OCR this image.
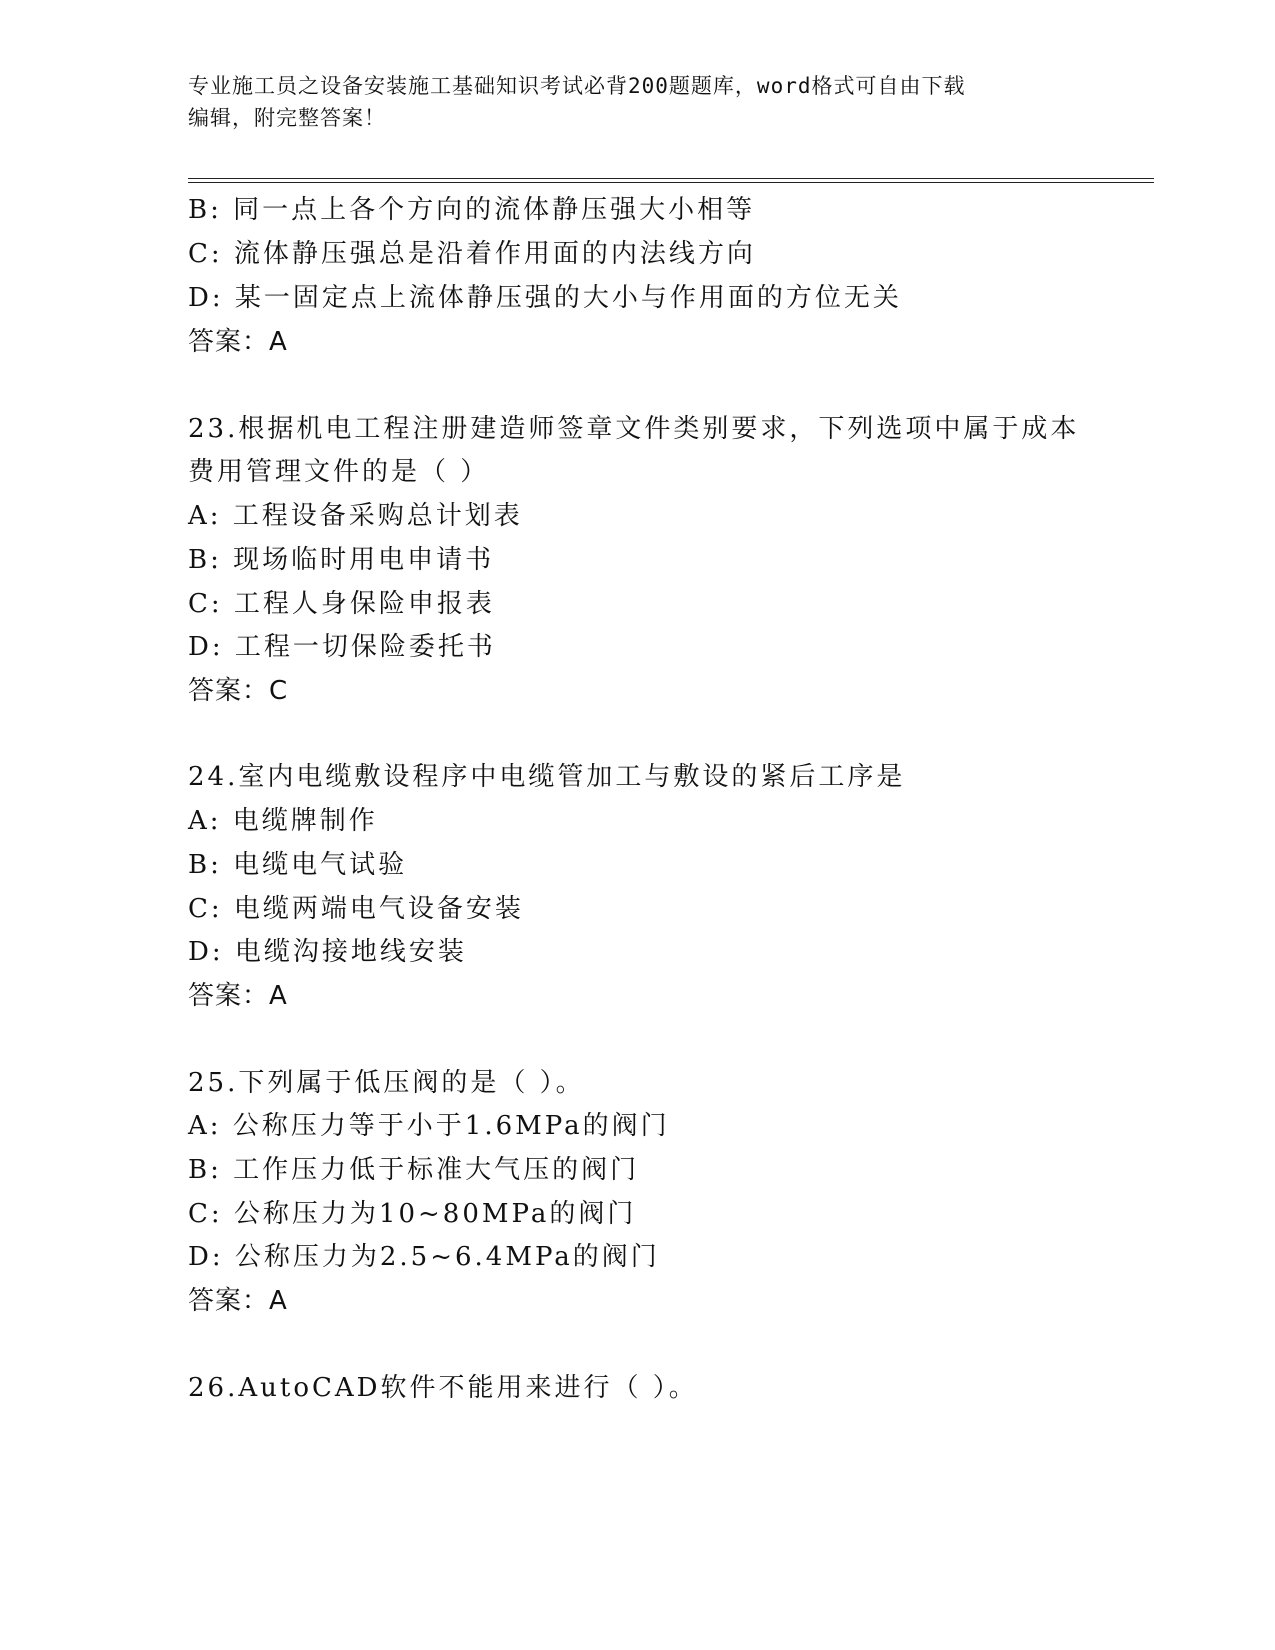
专业施工员之设备安装施工基础知识考试必背200题题库，word格式可自由下载
编辑，附完整答案！
B: 同一点上各个方向的流体静压强大小相等
C: 流体静压强总是沿着作用面的内法线方向
D: 某一固定点上流体静压强的大小与作用面的方位无关
答案：A
23.根据机电工程注册建造师签章文件类别要求，下列选项中属于成本
费用管理文件的是（ ）
A: 工程设备采购总计划表
B: 现场临时用电申请书
C: 工程人身保险申报表
D: 工程一切保险委托书
答案：C
24.室内电缆敷设程序中电缆管加工与敷设的紧后工序是
A: 电缆牌制作
B: 电缆电气试验
C: 电缆两端电气设备安装
D: 电缆沟接地线安装
答案：A
25.下列属于低压阀的是（ ）。
A: 公称压力等于小于1.6MPa的阀门
B: 工作压力低于标准大气压的阀门
C: 公称压力为10~80MPa的阀门
D: 公称压力为2.5~6.4MPa的阀门
答案：A
26.AutoCAD软件不能用来进行（ ）。
